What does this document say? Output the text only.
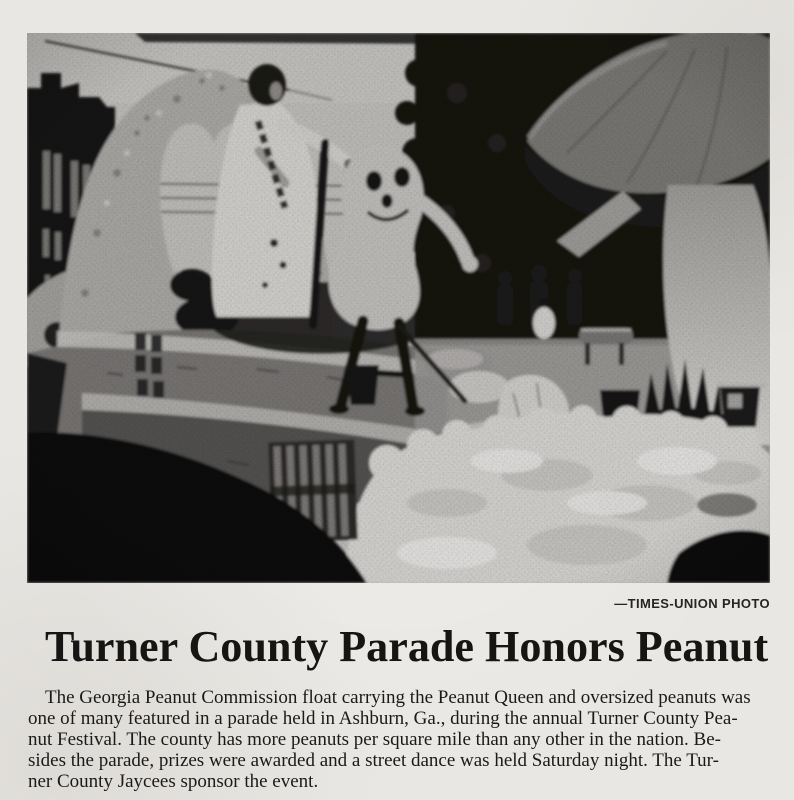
—TIMES-UNION PHOTO
Turner County Parade Honors Peanut
The Georgia Peanut Commission float carrying the Peanut Queen and oversized peanuts was
one of many featured in a parade held in Ashburn, Ga., during the annual Turner County Pea-
nut Festival. The county has more peanuts per square mile than any other in the nation. Be-
sides the parade, prizes were awarded and a street dance was held Saturday night. The Tur-
ner County Jaycees sponsor the event.
